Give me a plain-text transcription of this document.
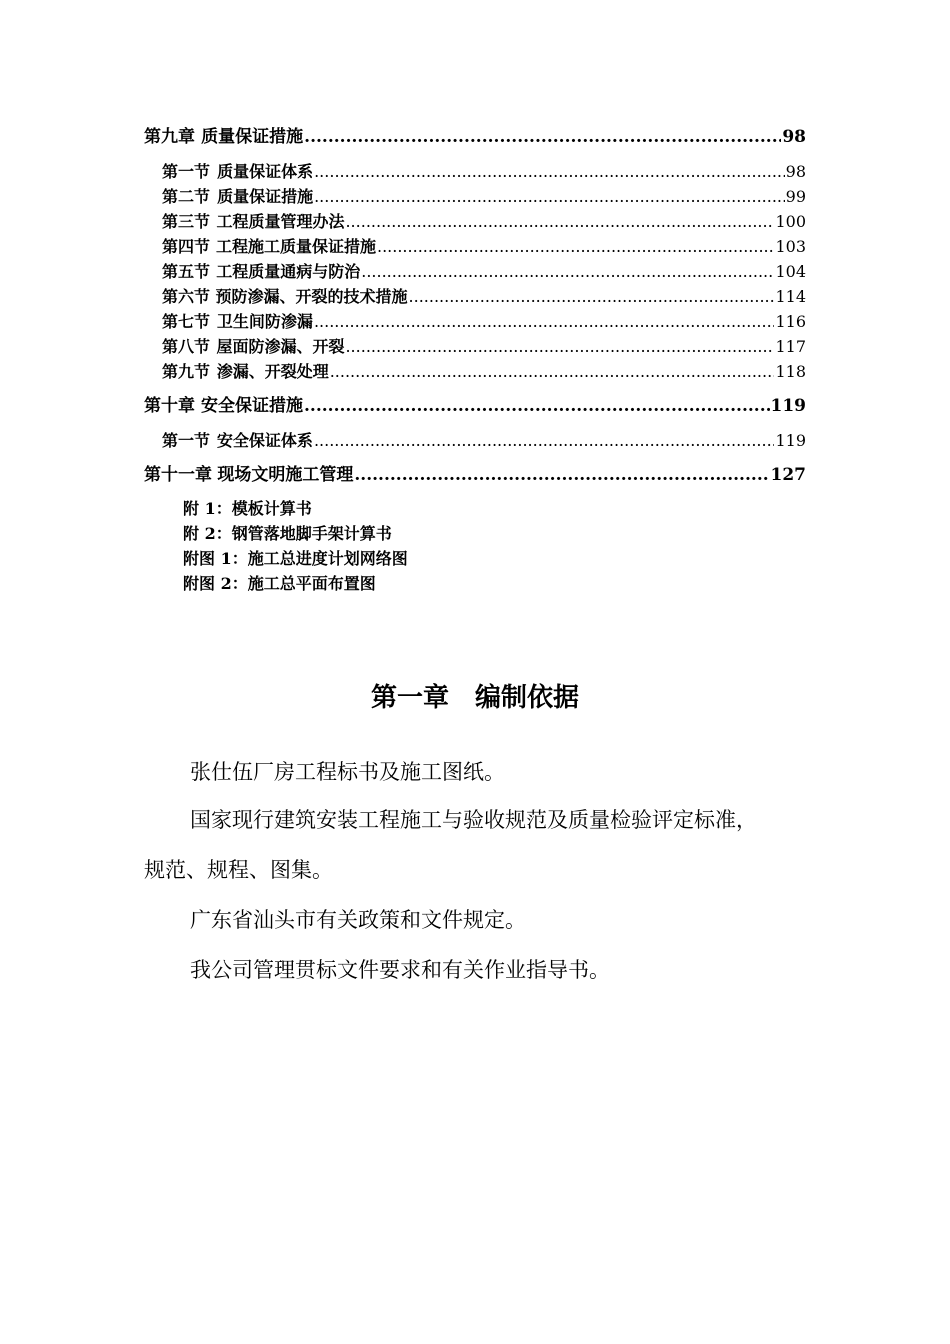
第九章 质量保证措施 .....	98
第一节 质量保证体系 .....	98
第二节 质量保证措施 .....	99
第三节 工程质量管理办法 .....	100
第四节 工程施工质量保证措施 .....	103
第五节 工程质量通病与防治 .....	104
第六节 预防渗漏、开裂的技术措施 .....	114
第七节 卫生间防渗漏 .....	116
第八节 屋面防渗漏、开裂 .....	117
第九节 渗漏、开裂处理 .....	118
第十章 安全保证措施 .....	119
第一节 安全保证体系 .....	119
第十一章 现场文明施工管理 .....	127
附 1：模板计算书
附 2：钢管落地脚手架计算书
附图 1：施工总进度计划网络图
附图 2：施工总平面布置图
第一章　编制依据
张仕伍厂房工程标书及施工图纸。
国家现行建筑安装工程施工与验收规范及质量检验评定标准，
规范、规程、图集。
广东省汕头市有关政策和文件规定。
我公司管理贯标文件要求和有关作业指导书。
